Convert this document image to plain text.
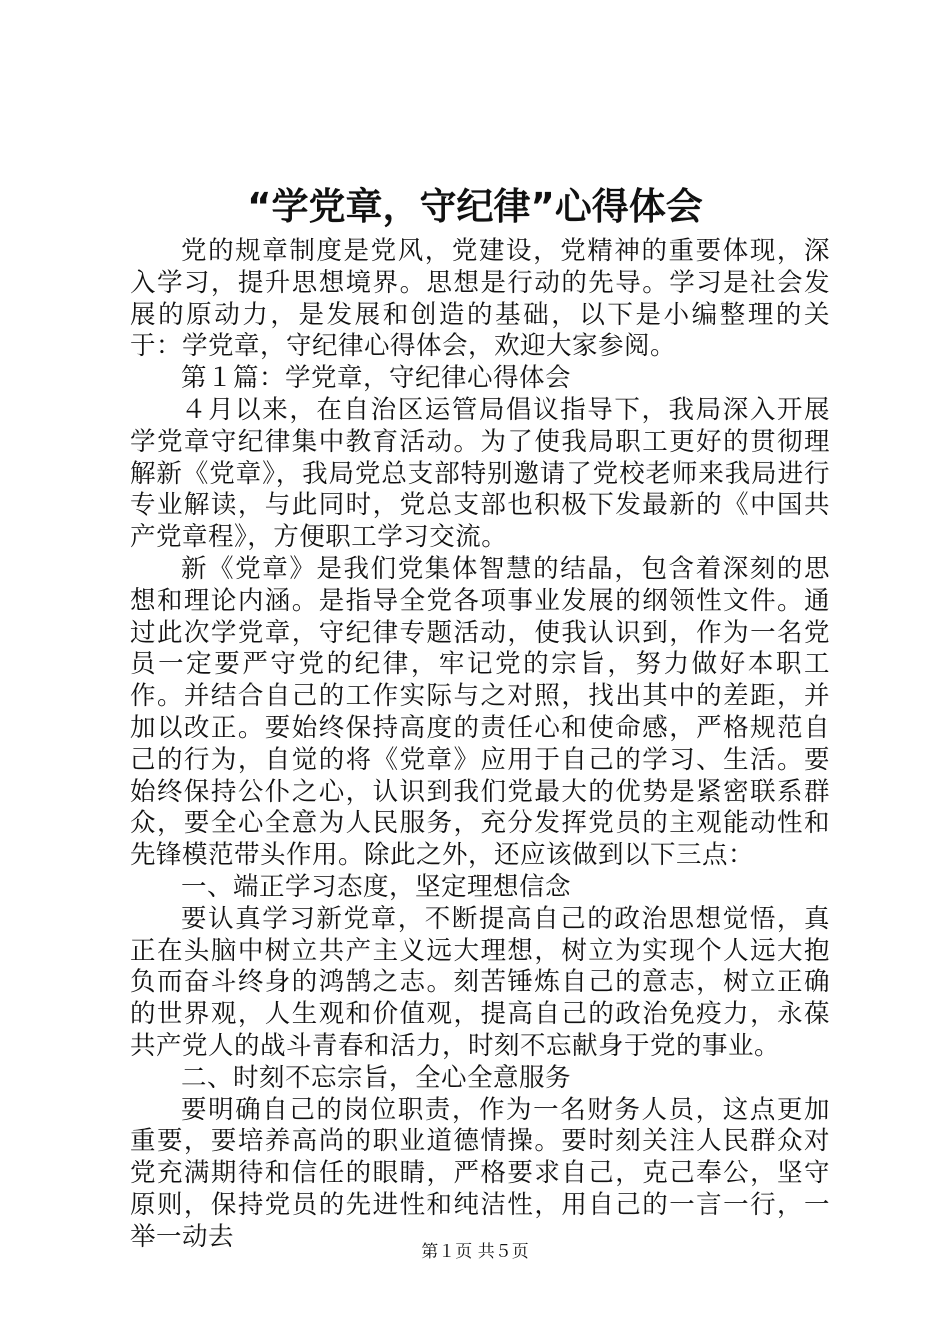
“学党章，守纪律”心得体会

党的规章制度是党风，党建设，党精神的重要体现，深入学习，提升思想境界。思想是行动的先导。学习是社会发展的原动力，是发展和创造的基础，以下是小编整理的关于：学党章，守纪律心得体会，欢迎大家参阅。

第１篇：学党章，守纪律心得体会

４月以来，在自治区运管局倡议指导下，我局深入开展学党章守纪律集中教育活动。为了使我局职工更好的贯彻理解新《党章》，我局党总支部特别邀请了党校老师来我局进行专业解读，与此同时，党总支部也积极下发最新的《中国共产党章程》，方便职工学习交流。

新《党章》是我们党集体智慧的结晶，包含着深刻的思想和理论内涵。是指导全党各项事业发展的纲领性文件。通过此次学党章，守纪律专题活动，使我认识到，作为一名党员一定要严守党的纪律，牢记党的宗旨，努力做好本职工作。并结合自己的工作实际与之对照，找出其中的差距，并加以改正。要始终保持高度的责任心和使命感，严格规范自己的行为，自觉的将《党章》应用于自己的学习、生活。要始终保持公仆之心，认识到我们党最大的优势是紧密联系群众，要全心全意为人民服务，充分发挥党员的主观能动性和先锋模范带头作用。除此之外，还应该做到以下三点：

一、端正学习态度，坚定理想信念

要认真学习新党章，不断提高自己的政治思想觉悟，真正在头脑中树立共产主义远大理想，树立为实现个人远大抱负而奋斗终身的鸿鹄之志。刻苦锤炼自己的意志，树立正确的世界观，人生观和价值观，提高自己的政治免疫力，永葆共产党人的战斗青春和活力，时刻不忘献身于党的事业。

二、时刻不忘宗旨，全心全意服务

要明确自己的岗位职责，作为一名财务人员，这点更加重要，要培养高尚的职业道德情操。要时刻关注人民群众对党充满期待和信任的眼睛，严格要求自己，克己奉公，坚守原则，保持党员的先进性和纯洁性，用自己的一言一行，一举一动去

第１页 共５页
